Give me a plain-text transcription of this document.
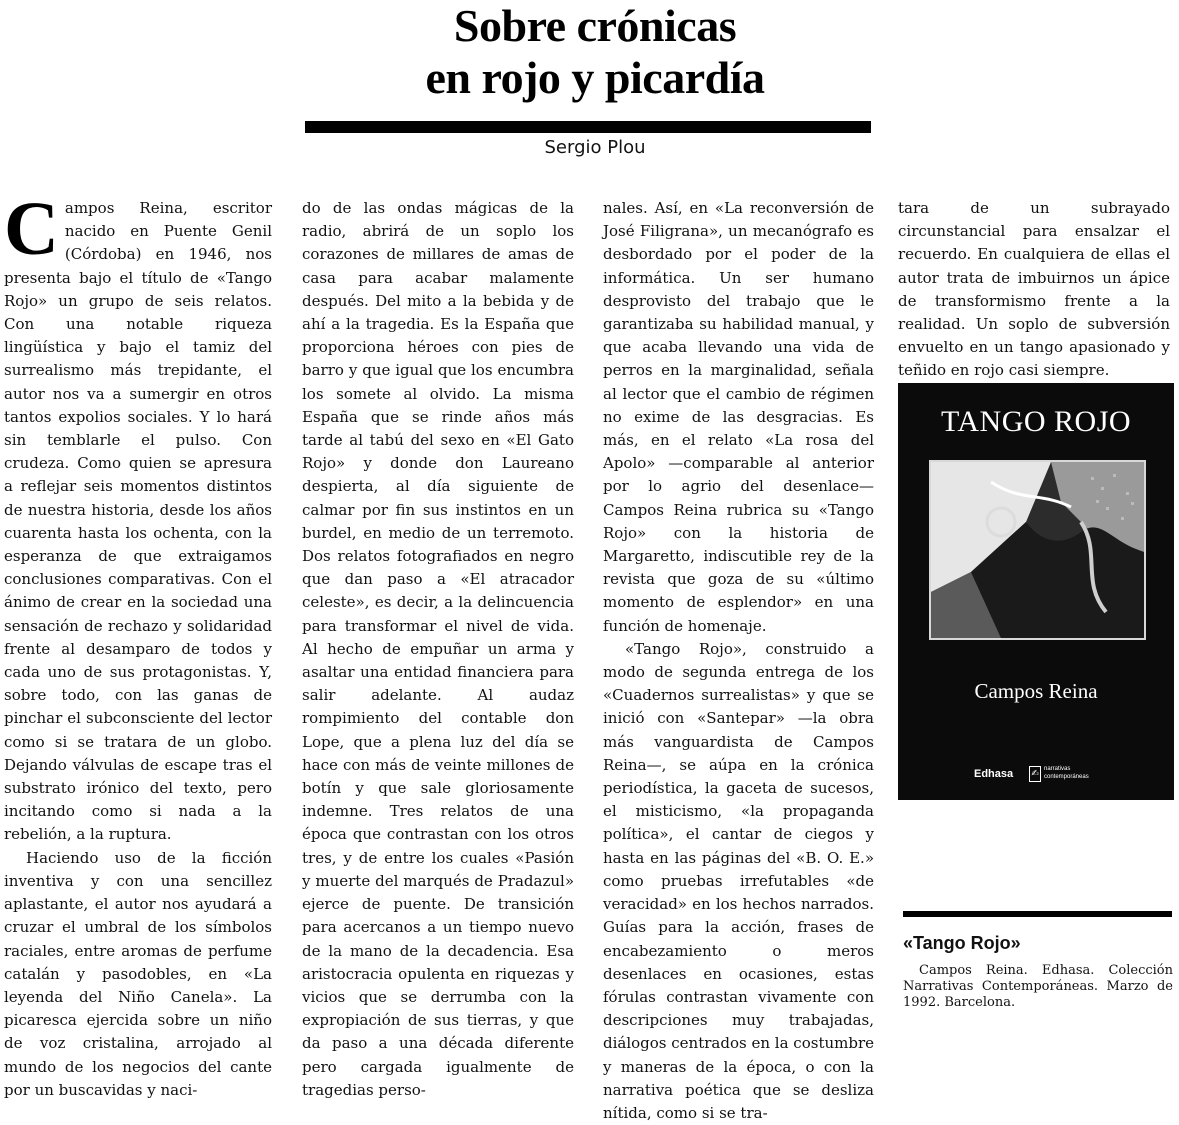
Sobre crónicas
en rojo y picardía
Sergio Plou

Campos Reina, escritor nacido en Puente Genil (Córdoba) en 1946, nos presenta bajo el título de «Tango Rojo» un grupo de seis relatos. Con una notable riqueza lingüística y bajo el tamiz del surrealismo más trepidante, el autor nos va a sumergir en otros tantos expolios sociales. Y lo hará sin temblarle el pulso. Con crudeza. Como quien se apresura a reflejar seis momentos distintos de nuestra historia, desde los años cuarenta hasta los ochenta, con la esperanza de que extraigamos conclusiones comparativas. Con el ánimo de crear en la sociedad una sensación de rechazo y solidaridad frente al desamparo de todos y cada uno de sus protagonistas. Y, sobre todo, con las ganas de pinchar el subconsciente del lector como si se tratara de un globo. Dejando válvulas de escape tras el substrato irónico del texto, pero incitando como si nada a la rebelión, a la ruptura.

Haciendo uso de la ficción inventiva y con una sencillez aplastante, el autor nos ayudará a cruzar el umbral de los símbolos raciales, entre aromas de perfume catalán y pasodobles, en «La leyenda del Niño Canela». La picaresca ejercida sobre un niño de voz cristalina, arrojado al mundo de los negocios del cante por un buscavidas y naci-

do de las ondas mágicas de la radio, abrirá de un soplo los corazones de millares de amas de casa para acabar malamente después. Del mito a la bebida y de ahí a la tragedia. Es la España que proporciona héroes con pies de barro y que igual que los encumbra los somete al olvido. La misma España que se rinde años más tarde al tabú del sexo en «El Gato Rojo» y donde don Laureano despierta, al día siguiente de calmar por fin sus instintos en un burdel, en medio de un terremoto. Dos relatos fotografiados en negro que dan paso a «El atracador celeste», es decir, a la delincuencia para transformar el nivel de vida. Al hecho de empuñar un arma y asaltar una entidad financiera para salir adelante. Al audaz rompimiento del contable don Lope, que a plena luz del día se hace con más de veinte millones de botín y que sale gloriosamente indemne. Tres relatos de una época que contrastan con los otros tres, y de entre los cuales «Pasión y muerte del marqués de Pradazul» ejerce de puente. De transición para acercanos a un tiempo nuevo de la mano de la decadencia. Esa aristocracia opulenta en riquezas y vicios que se derrumba con la expropiación de sus tierras, y que da paso a una década diferente pero cargada igualmente de tragedias perso-

nales. Así, en «La reconversión de José Filigrana», un mecanógrafo es desbordado por el poder de la informática. Un ser humano desprovisto del trabajo que le garantizaba su habilidad manual, y que acaba llevando una vida de perros en la marginalidad, señala al lector que el cambio de régimen no exime de las desgracias. Es más, en el relato «La rosa del Apolo» —comparable al anterior por lo agrio del desenlace— Campos Reina rubrica su «Tango Rojo» con la historia de Margaretto, indiscutible rey de la revista que goza de su «último momento de esplendor» en una función de homenaje.

«Tango Rojo», construido a modo de segunda entrega de los «Cuadernos surrealistas» y que se inició con «Santepar» —la obra más vanguardista de Campos Reina—, se aúpa en la crónica periodística, la gaceta de sucesos, el misticismo, «la propaganda política», el cantar de ciegos y hasta en las páginas del «B. O. E.» como pruebas irrefutables «de veracidad» en los hechos narrados. Guías para la acción, frases de encabezamiento o meros desenlaces en ocasiones, estas fórulas contrastan vivamente con descripciones muy trabajadas, diálogos centrados en la costumbre y maneras de la época, o con la narrativa poética que se desliza nítida, como si se tra-

tara de un subrayado circunstancial para ensalzar el recuerdo. En cualquiera de ellas el autor trata de imbuirnos un ápice de transformismo frente a la realidad. Un soplo de subversión envuelto en un tango apasionado y teñido en rojo casi siempre.

TANGO ROJO
Campos Reina
Edhasa ✍ narrativas contemporáneas
«Tango Rojo»

Campos Reina. Edhasa. Colección Narrativas Contemporáneas. Marzo de 1992. Barcelona.
